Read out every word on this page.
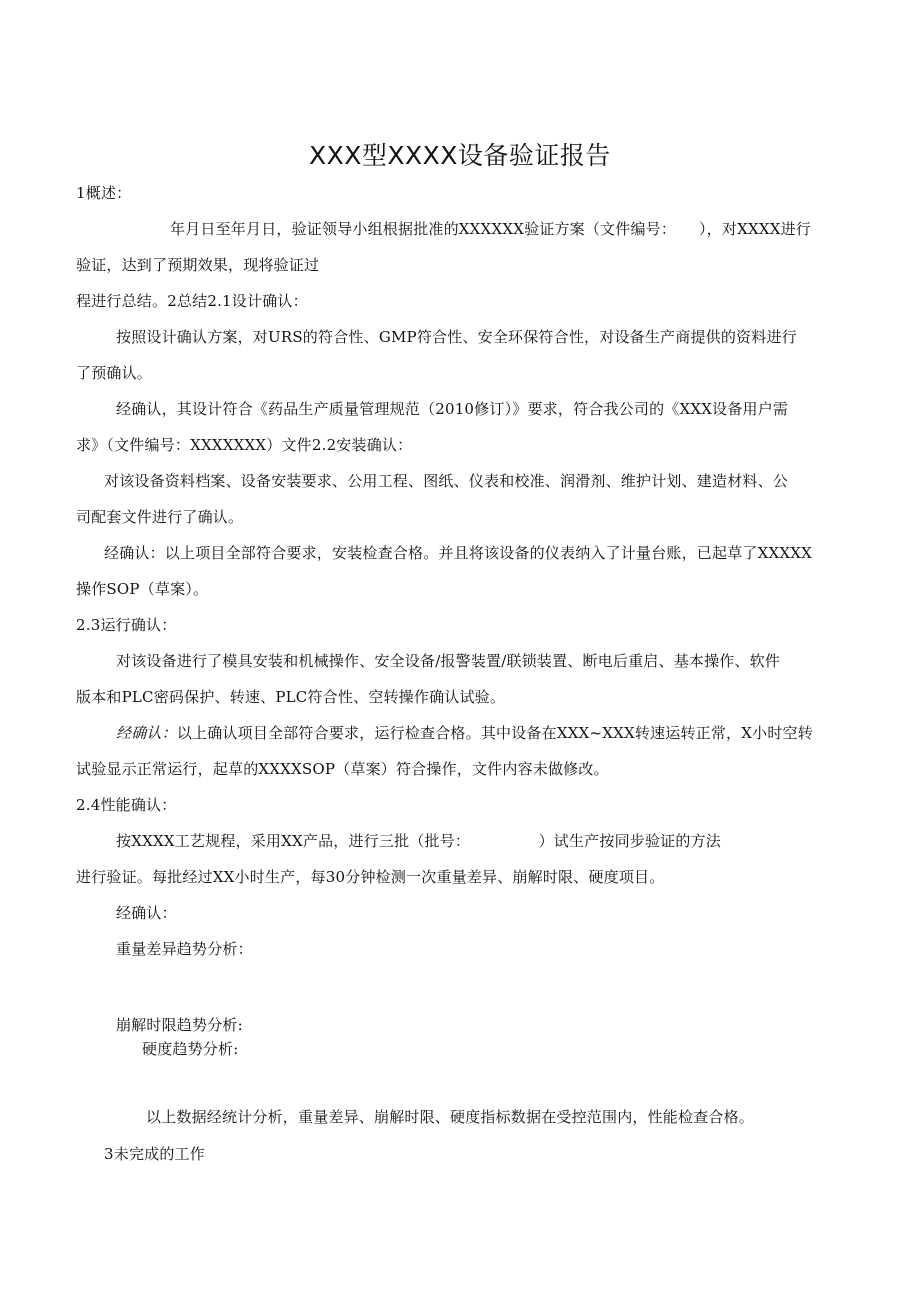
XXX型XXXX设备验证报告
1概述：
年月日至年月日，验证领导小组根据批准的XXXXXX验证方案（文件编号：　　），对XXXX进行
验证，达到了预期效果，现将验证过
程进行总结。2总结2.1设计确认：
按照设计确认方案，对URS的符合性、GMP符合性、安全环保符合性，对设备生产商提供的资料进行
了预确认。
经确认，其设计符合《药品生产质量管理规范（2010修订）》要求，符合我公司的《XXX设备用户需
求》（文件编号：XXXXXXX）文件2.2安装确认：
对该设备资料档案、设备安装要求、公用工程、图纸、仪表和校准、润滑剂、维护计划、建造材料、公
司配套文件进行了确认。
经确认：以上项目全部符合要求，安装检查合格。并且将该设备的仪表纳入了计量台账，已起草了XXXXX
操作SOP（草案）。
2.3运行确认：
对该设备进行了模具安装和机械操作、安全设备/报警装置/联锁装置、断电后重启、基本操作、软件
版本和PLC密码保护、转速、PLC符合性、空转操作确认试验。
经确认：以上确认项目全部符合要求，运行检查合格。其中设备在XXX~XXX转速运转正常，X小时空转
试验显示正常运行，起草的XXXXSOP（草案）符合操作，文件内容未做修改。
2.4性能确认：
按XXXX工艺规程，采用XX产品，进行三批（批号：　　　　　）试生产按同步验证的方法
进行验证。每批经过XX小时生产，每30分钟检测一次重量差异、崩解时限、硬度项目。
经确认：
重量差异趋势分析：
崩解时限趋势分析:
硬度趋势分析:
以上数据经统计分析，重量差异、崩解时限、硬度指标数据在受控范围内，性能检查合格。
3未完成的工作
